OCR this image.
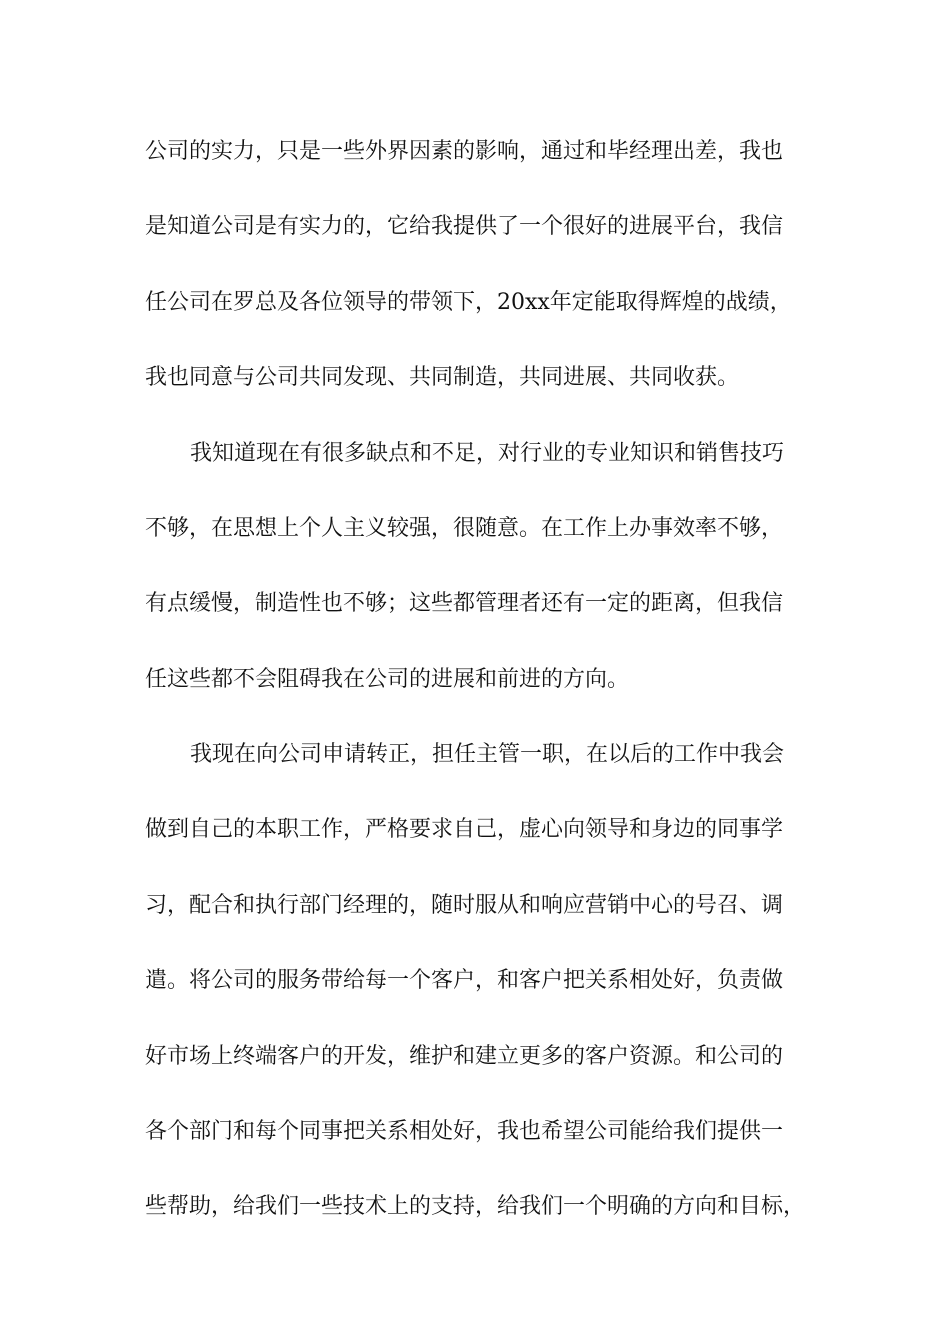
公司的实力，只是一些外界因素的影响，通过和毕经理出差，我也
是知道公司是有实力的，它给我提供了一个很好的进展平台，我信
任公司在罗总及各位领导的带领下，20xx年定能取得辉煌的战绩，
我也同意与公司共同发现、共同制造，共同进展、共同收获。
我知道现在有很多缺点和不足，对行业的专业知识和销售技巧
不够，在思想上个人主义较强，很随意。在工作上办事效率不够，
有点缓慢，制造性也不够；这些都管理者还有一定的距离，但我信
任这些都不会阻碍我在公司的进展和前进的方向。
我现在向公司申请转正，担任主管一职，在以后的工作中我会
做到自己的本职工作，严格要求自己，虚心向领导和身边的同事学
习，配合和执行部门经理的，随时服从和响应营销中心的号召、调
遣。将公司的服务带给每一个客户，和客户把关系相处好，负责做
好市场上终端客户的开发，维护和建立更多的客户资源。和公司的
各个部门和每个同事把关系相处好，我也希望公司能给我们提供一
些帮助，给我们一些技术上的支持，给我们一个明确的方向和目标，
